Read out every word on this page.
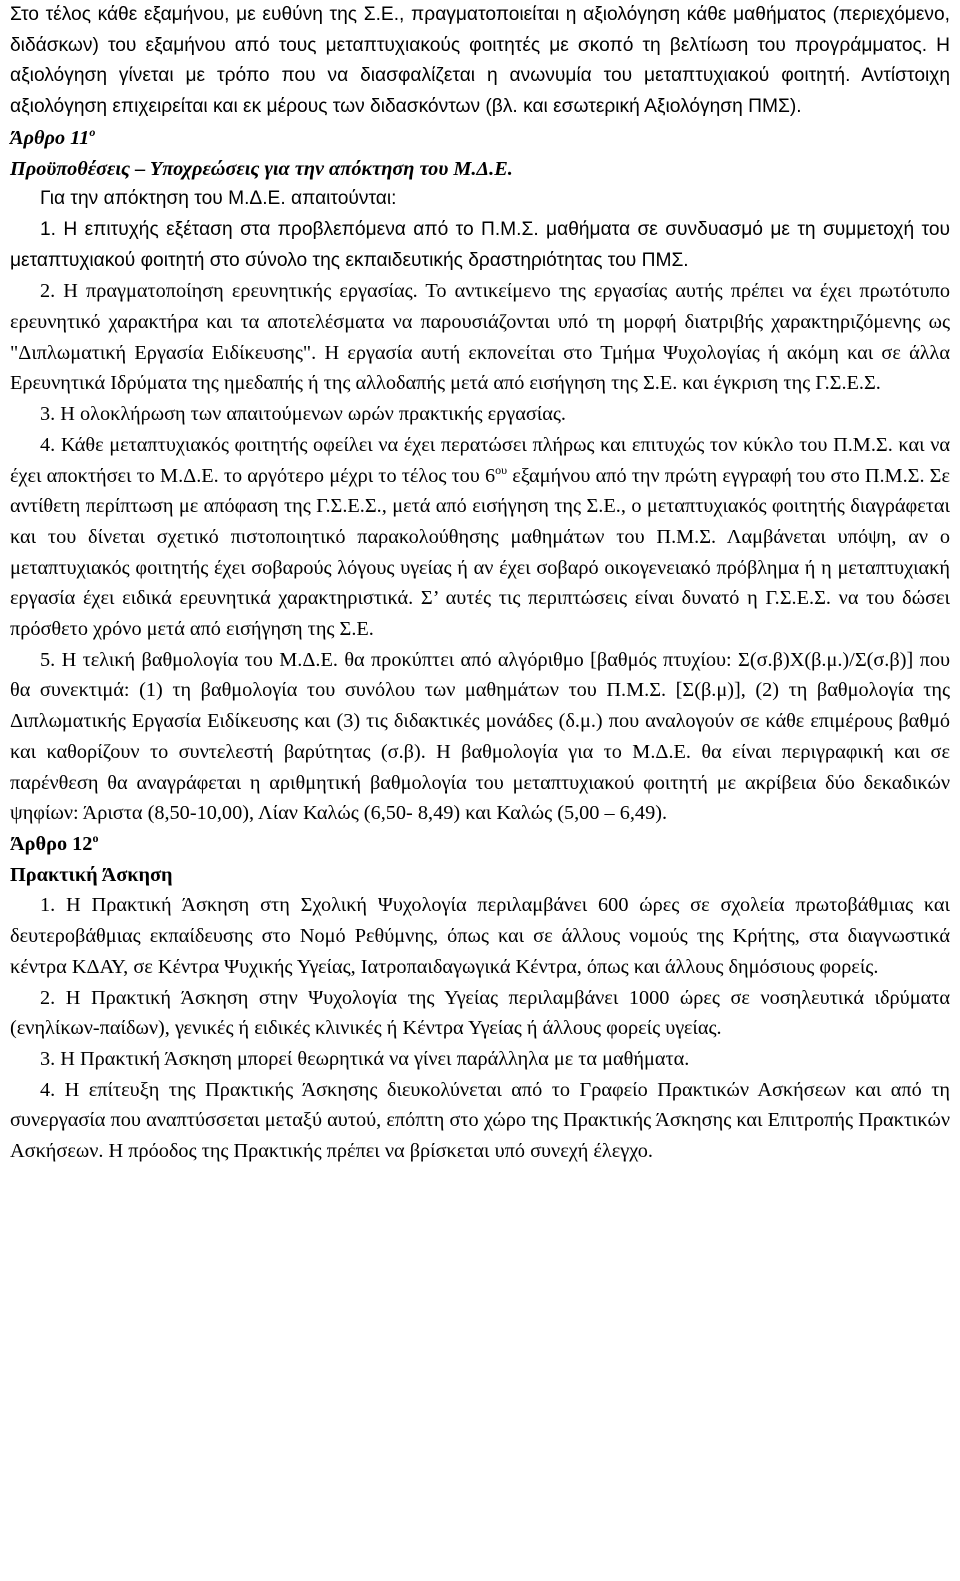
Στο τέλος κάθε εξαμήνου, με ευθύνη της Σ.Ε., πραγματοποιείται η αξιολόγηση κάθε μαθήματος (περιεχόμενο, διδάσκων) του εξαμήνου από τους μεταπτυχιακούς φοιτητές με σκοπό τη βελτίωση του προγράμματος. Η αξιολόγηση γίνεται με τρόπο που να διασφαλίζεται η ανωνυμία του μεταπτυχιακού φοιτητή. Αντίστοιχη αξιολόγηση επιχειρείται και εκ μέρους των διδασκόντων (βλ. και εσωτερική Αξιολόγηση ΠΜΣ).

Άρθρο $11^o$
Προϋποθέσεις – Υποχρεώσεις για την απόκτηση του Μ.Δ.Ε.

Για την απόκτηση του Μ.Δ.Ε. απαιτούνται:

1. Η επιτυχής εξέταση στα προβλεπόμενα από το Π.Μ.Σ. μαθήματα σε συνδυασμό με τη συμμετοχή του μεταπτυχιακού φοιτητή στο σύνολο της εκπαιδευτικής δραστηριότητας του ΠΜΣ.

2. Η πραγματοποίηση ερευνητικής εργασίας. Το αντικείμενο της εργασίας αυτής πρέπει να έχει πρωτότυπο ερευνητικό χαρακτήρα και τα αποτελέσματα να παρουσιάζονται υπό τη μορφή διατριβής χαρακτηριζόμενης ως "Διπλωματική Εργασία Ειδίκευσης". Η εργασία αυτή εκπονείται στο Τμήμα Ψυχολογίας ή ακόμη και σε άλλα Ερευνητικά Ιδρύματα της ημεδαπής ή της αλλοδαπής μετά από εισήγηση της Σ.Ε. και έγκριση της Γ.Σ.Ε.Σ.

3. Η ολοκλήρωση των απαιτούμενων ωρών πρακτικής εργασίας.

4. Κάθε μεταπτυχιακός φοιτητής οφείλει να έχει περατώσει πλήρως και επιτυχώς τον κύκλο του Π.Μ.Σ. και να έχει αποκτήσει το Μ.Δ.Ε. το αργότερο μέχρι το τέλος του $6^{o\upsilon}$ εξαμήνου από την πρώτη εγγραφή του στο Π.Μ.Σ. Σε αντίθετη περίπτωση με απόφαση της Γ.Σ.Ε.Σ., μετά από εισήγηση της Σ.Ε., ο μεταπτυχιακός φοιτητής διαγράφεται και του δίνεται σχετικό πιστοποιητικό παρακολούθησης μαθημάτων του Π.Μ.Σ. Λαμβάνεται υπόψη, αν ο μεταπτυχιακός φοιτητής έχει σοβαρούς λόγους υγείας ή αν έχει σοβαρό οικογενειακό πρόβλημα ή η μεταπτυχιακή εργασία έχει ειδικά ερευνητικά χαρακτηριστικά. Σ’ αυτές τις περιπτώσεις είναι δυνατό η Γ.Σ.Ε.Σ. να του δώσει πρόσθετο χρόνο μετά από εισήγηση της Σ.Ε.

5. Η τελική βαθμολογία του Μ.Δ.Ε. θα προκύπτει από αλγόριθμο [βαθμός πτυχίου: Σ(σ.β)Χ(β.μ.)/Σ(σ.β)] που θα συνεκτιμά: (1) τη βαθμολογία του συνόλου των μαθημάτων του Π.Μ.Σ. [Σ(β.μ)], (2) τη βαθμολογία της Διπλωματικής Εργασία Ειδίκευσης και (3) τις διδακτικές μονάδες (δ.μ.) που αναλογούν σε κάθε επιμέρους βαθμό και καθορίζουν το συντελεστή βαρύτητας (σ.β). Η βαθμολογία για το Μ.Δ.Ε. θα είναι περιγραφική και σε παρένθεση θα αναγράφεται η αριθμητική βαθμολογία του μεταπτυχιακού φοιτητή με ακρίβεια δύο δεκαδικών ψηφίων: Άριστα (8,50-10,00), Λίαν Καλώς (6,50- 8,49) και Καλώς (5,00 – 6,49).

Άρθρο $12^o$
Πρακτική Άσκηση

1. Η Πρακτική Άσκηση στη Σχολική Ψυχολογία περιλαμβάνει 600 ώρες σε σχολεία πρωτοβάθμιας και δευτεροβάθμιας εκπαίδευσης στο Νομό Ρεθύμνης, όπως και σε άλλους νομούς της Κρήτης, στα διαγνωστικά κέντρα ΚΔΑΥ, σε Κέντρα Ψυχικής Υγείας, Ιατροπαιδαγωγικά Κέντρα, όπως και άλλους δημόσιους φορείς.

2. Η Πρακτική Άσκηση στην Ψυχολογία της Υγείας περιλαμβάνει 1000 ώρες σε νοσηλευτικά ιδρύματα (ενηλίκων-παίδων), γενικές ή ειδικές κλινικές ή Κέντρα Υγείας ή άλλους φορείς υγείας.

3. Η Πρακτική Άσκηση μπορεί θεωρητικά να γίνει παράλληλα με τα μαθήματα.

4. Η επίτευξη της Πρακτικής Άσκησης διευκολύνεται από το Γραφείο Πρακτικών Ασκήσεων και από τη συνεργασία που αναπτύσσεται μεταξύ αυτού, επόπτη στο χώρο της Πρακτικής Άσκησης και Επιτροπής Πρακτικών Ασκήσεων. Η πρόοδος της Πρακτικής πρέπει να βρίσκεται υπό συνεχή έλεγχο.
